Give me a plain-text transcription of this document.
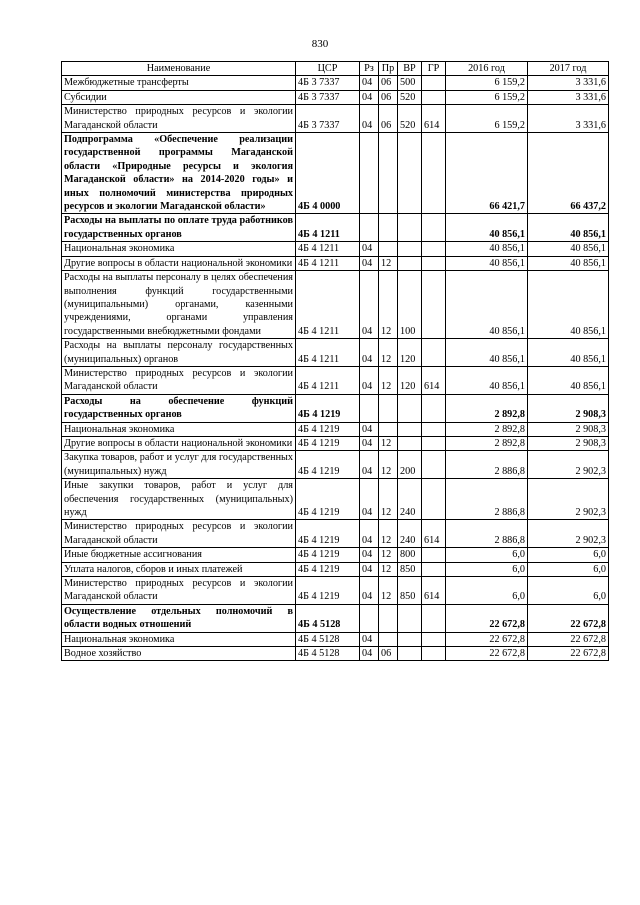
830
Наименование	ЦСР	Рз	Пр	ВР	ГР	2016 год	2017 год
Межбюджетные трансферты	4Б 3 7337	04	06	500		6 159,2	3 331,6
Субсидии	4Б 3 7337	04	06	520		6 159,2	3 331,6
Министерство природных ресурсов и экологии Магаданской области	4Б 3 7337	04	06	520	614	6 159,2	3 331,6
Подпрограмма «Обеспечение реализации государственной программы Магаданской области «Природные ресурсы и экология Магаданской области» на 2014-2020 годы» и иных полномочий министерства природных ресурсов и экологии Магаданской области»	4Б 4 0000					66 421,7	66 437,2
Расходы на выплаты по оплате труда работников государственных органов	4Б 4 1211					40 856,1	40 856,1
Национальная экономика	4Б 4 1211	04				40 856,1	40 856,1
Другие вопросы в области национальной экономики	4Б 4 1211	04	12			40 856,1	40 856,1
Расходы на выплаты персоналу в целях обеспечения выполнения функций государственными (муниципальными) органами, казенными учреждениями, органами управления государственными внебюджетными фондами	4Б 4 1211	04	12	100		40 856,1	40 856,1
Расходы на выплаты персоналу государственных (муниципальных) органов	4Б 4 1211	04	12	120		40 856,1	40 856,1
Министерство природных ресурсов и экологии Магаданской области	4Б 4 1211	04	12	120	614	40 856,1	40 856,1
Расходы на обеспечение функций государственных органов	4Б 4 1219					2 892,8	2 908,3
Национальная экономика	4Б 4 1219	04				2 892,8	2 908,3
Другие вопросы в области национальной экономики	4Б 4 1219	04	12			2 892,8	2 908,3
Закупка товаров, работ и услуг для государственных (муниципальных) нужд	4Б 4 1219	04	12	200		2 886,8	2 902,3
Иные закупки товаров, работ и услуг для обеспечения государственных (муниципальных) нужд	4Б 4 1219	04	12	240		2 886,8	2 902,3
Министерство природных ресурсов и экологии Магаданской области	4Б 4 1219	04	12	240	614	2 886,8	2 902,3
Иные бюджетные ассигнования	4Б 4 1219	04	12	800		6,0	6,0
Уплата налогов, сборов и иных платежей	4Б 4 1219	04	12	850		6,0	6,0
Министерство природных ресурсов и экологии Магаданской области	4Б 4 1219	04	12	850	614	6,0	6,0
Осуществление отдельных полномочий в области водных отношений	4Б 4 5128					22 672,8	22 672,8
Национальная экономика	4Б 4 5128	04				22 672,8	22 672,8
Водное хозяйство	4Б 4 5128	04	06			22 672,8	22 672,8
